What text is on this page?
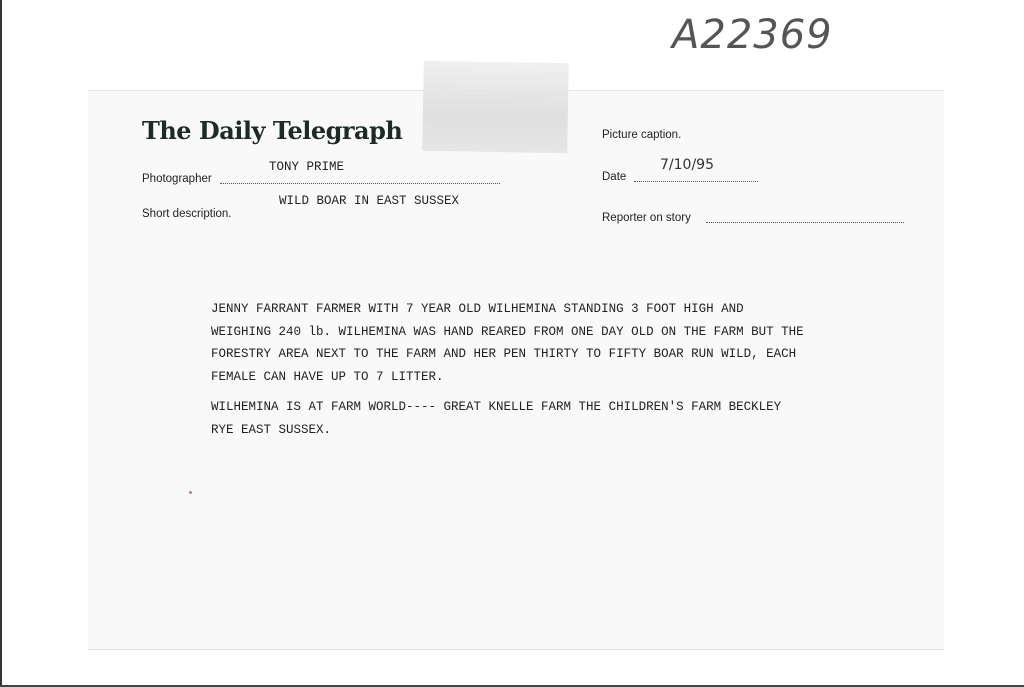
A22369
The Daily Telegraph
Photographer
TONY PRIME
Short description.
WILD BOAR IN EAST SUSSEX
Picture caption.
Date
7/10/95
Reporter on story

JENNY FARRANT FARMER WITH 7 YEAR OLD WILHEMINA STANDING 3 FOOT HIGH AND WEIGHING 240 lb. WILHEMINA WAS HAND REARED FROM ONE DAY OLD ON THE FARM BUT THE FORESTRY AREA NEXT TO THE FARM AND HER PEN THIRTY TO FIFTY BOAR RUN WILD, EACH FEMALE CAN HAVE UP TO 7 LITTER.

WILHEMINA IS AT FARM WORLD---- GREAT KNELLE FARM THE CHILDREN'S FARM BECKLEY RYE EAST SUSSEX.
